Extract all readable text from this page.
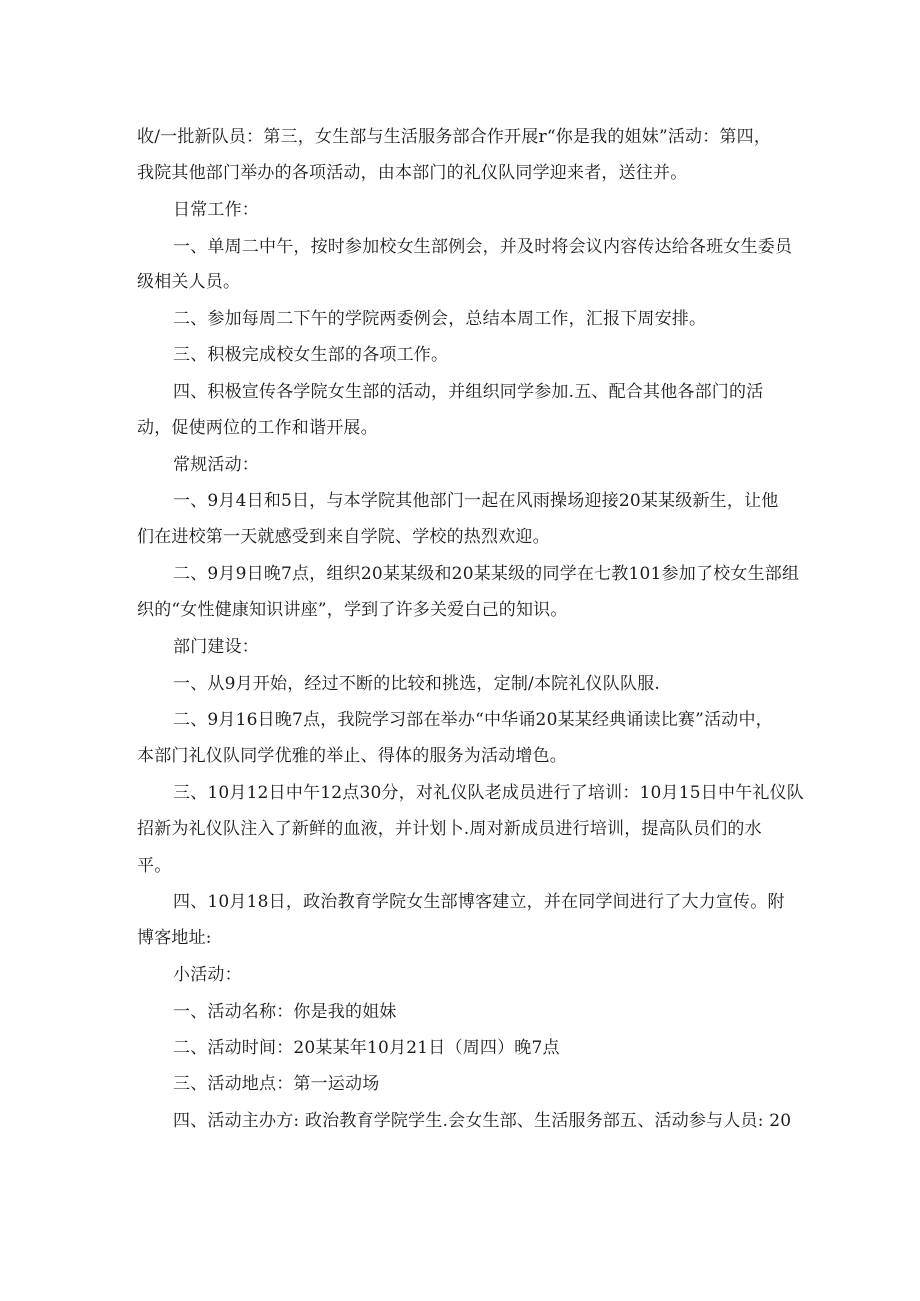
收/一批新队员：第三，女生部与生活服务部合作开展r“你是我的姐妹”活动：第四，
我院其他部门举办的各项活动，由本部门的礼仪队同学迎来者，送往并。
日常工作：
一、单周二中午，按时参加校女生部例会，并及时将会议内容传达给各班女生委员
级相关人员。
二、参加每周二下午的学院两委例会，总结本周工作，汇报下周安排。
三、积极完成校女生部的各项工作。
四、积极宣传各学院女生部的活动，并组织同学参加.五、配合其他各部门的活
动，促使两位的工作和谐开展。
常规活动：
一、9月4日和5日，与本学院其他部门一起在风雨操场迎接20某某级新生，让他
们在进校第一天就感受到来自学院、学校的热烈欢迎。
二、9月9日晚7点，组织20某某级和20某某级的同学在七教101参加了校女生部组
织的“女性健康知识讲座”，学到了许多关爱白己的知识。
部门建设：
一、从9月开始，经过不断的比较和挑选，定制/本院礼仪队队服.
二、9月16日晚7点，我院学习部在举办“中华诵20某某经典诵读比赛”活动中，
本部门礼仪队同学优雅的举止、得体的服务为活动增色。
三、10月12日中午12点30分，对礼仪队老成员进行了培训：10月15日中午礼仪队
招新为礼仪队注入了新鲜的血液，并计划卜.周对新成员进行培训，提高队员们的水
平。
四、10月18日，政治教育学院女生部博客建立，并在同学间进行了大力宣传。附
博客地址:
小活动：
一、活动名称：你是我的姐妹
二、活动时间：20某某年10月21日（周四）晚7点
三、活动地点：第一运动场
四、活动主办方: 政治教育学院学生.会女生部、生活服务部五、活动参与人员: 20
